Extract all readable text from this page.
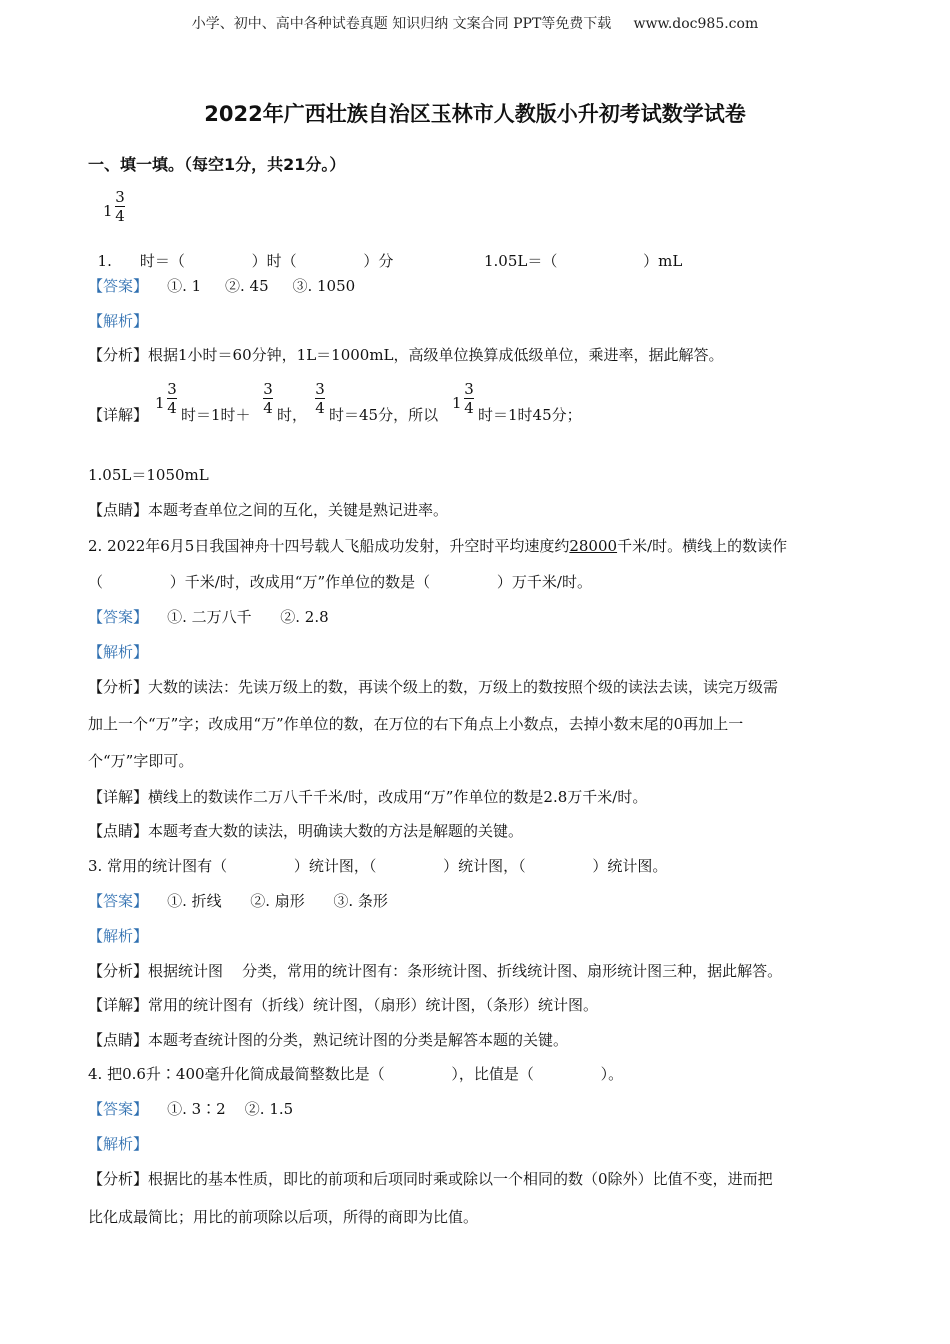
小学、初中、高中各种试卷真题 知识归纳 文案合同 PPT等免费下载     www.doc985.com
2022年广西壮族自治区玉林市人教版小升初考试数学试卷
一、填一填。（每空1分，共21分。）
1
3
4

1. 时＝（              ）时（              ）分                   1.05L＝（                  ）mL

【答案】    ①. 1     ②. 45     ③. 1050
【解析】
【分析】根据1小时＝60分钟，1L＝1000mL，高级单位换算成低级单位，乘进率，据此解答。
【详解】
1
3
4 时＝1时＋
3
4 时，
3
4 时＝45分，所以
1
3
4 时＝1时45分；
1.05L＝1050mL
【点睛】本题考查单位之间的互化，关键是熟记进率。
2. 2022年6月5日我国神舟十四号载人飞船成功发射，升空时平均速度约28000千米/时。横线上的数读作
（              ）千米/时，改成用“万”作单位的数是（              ）万千米/时。
【答案】    ①. 二万八千      ②. 2.8
【解析】
【分析】大数的读法：先读万级上的数，再读个级上的数，万级上的数按照个级的读法去读，读完万级需
加上一个“万”字；改成用“万”作单位的数，在万位的右下角点上小数点，去掉小数末尾的0再加上一
个“万”字即可。
【详解】横线上的数读作二万八千千米/时，改成用“万”作单位的数是2.8万千米/时。
【点睛】本题考查大数的读法，明确读大数的方法是解题的关键。
3. 常用的统计图有（              ）统计图，（              ）统计图，（              ）统计图。
【答案】    ①. 折线      ②. 扇形      ③. 条形
【解析】
【分析】根据统计图    分类，常用的统计图有：条形统计图、折线统计图、扇形统计图三种，据此解答。
【详解】常用的统计图有（折线）统计图，（扇形）统计图，（条形）统计图。
【点睛】本题考查统计图的分类，熟记统计图的分类是解答本题的关键。
4. 把0.6升∶400毫升化简成最简整数比是（              ），比值是（              ）。
【答案】    ①. 3∶2    ②. 1.5
【解析】
【分析】根据比的基本性质，即比的前项和后项同时乘或除以一个相同的数（0除外）比值不变，进而把
比化成最简比；用比的前项除以后项，所得的商即为比值。
